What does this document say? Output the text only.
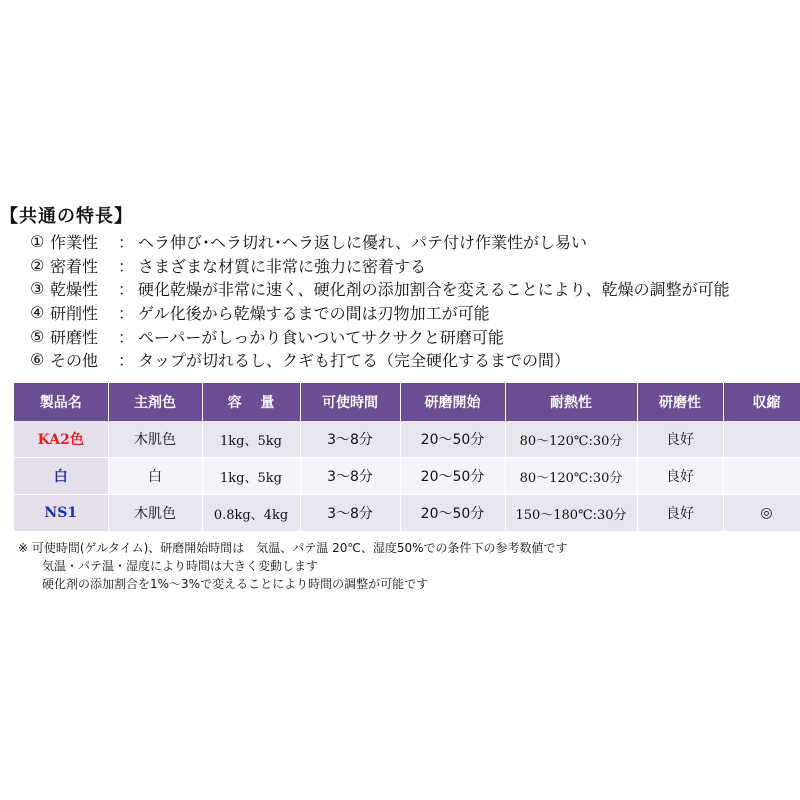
【共通の特長】
① 作業性	： ヘラ伸び･ヘラ切れ･ヘラ返しに優れ、パテ付け作業性がし易い
② 密着性	： さまざまな材質に非常に強力に密着する
③ 乾燥性	： 硬化乾燥が非常に速く、硬化剤の添加割合を変えることにより、乾燥の調整が可能
④ 研削性	： ゲル化後から乾燥するまでの間は刃物加工が可能
⑤ 研磨性	： ペーパーがしっかり食いついてサクサクと研磨可能
⑥ その他	： タップが切れるし、クギも打てる（完全硬化するまでの間）
製品名	主剤色	容　 量	可使時間	研磨開始	耐熱性	研磨性	収縮
KA2色	木肌色	1kg、5kg	3～8分	20～50分	80～120℃:30分	良好	
白	白	1kg、5kg	3～8分	20～50分	80～120℃:30分	良好	
NS1	木肌色	0.8kg、4kg	3～8分	20～50分	150～180℃:30分	良好	◎

※ 可使時間(ゲルタイム)、研磨開始時間は　気温、パテ温 20℃、湿度50%での条件下の参考数値です

気温・パテ温・湿度により時間は大きく変動します

硬化剤の添加割合を1%～3%で変えることにより時間の調整が可能です
